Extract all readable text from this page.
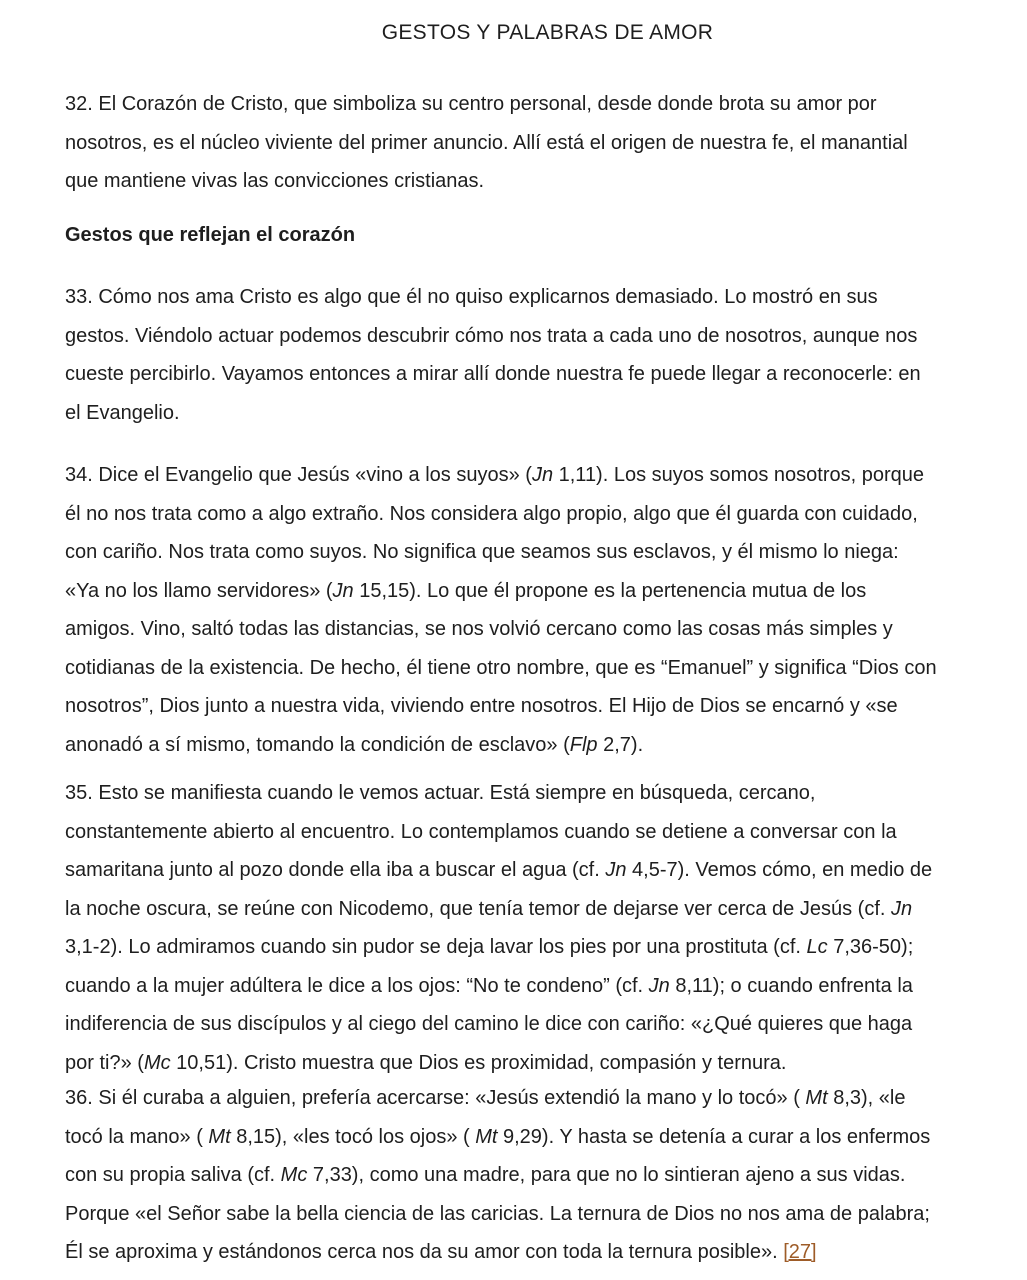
GESTOS Y PALABRAS DE AMOR
32. El Corazón de Cristo, que simboliza su centro personal, desde donde brota su amor por
nosotros, es el núcleo viviente del primer anuncio. Allí está el origen de nuestra fe, el manantial
que mantiene vivas las convicciones cristianas.
Gestos que reflejan el corazón
33. Cómo nos ama Cristo es algo que él no quiso explicarnos demasiado. Lo mostró en sus
gestos. Viéndolo actuar podemos descubrir cómo nos trata a cada uno de nosotros, aunque nos
cueste percibirlo. Vayamos entonces a mirar allí donde nuestra fe puede llegar a reconocerle: en
el Evangelio.
34. Dice el Evangelio que Jesús «vino a los suyos» (Jn 1,11). Los suyos somos nosotros, porque
él no nos trata como a algo extraño. Nos considera algo propio, algo que él guarda con cuidado,
con cariño. Nos trata como suyos. No significa que seamos sus esclavos, y él mismo lo niega:
«Ya no los llamo servidores» (Jn 15,15). Lo que él propone es la pertenencia mutua de los
amigos. Vino, saltó todas las distancias, se nos volvió cercano como las cosas más simples y
cotidianas de la existencia. De hecho, él tiene otro nombre, que es “Emanuel” y significa “Dios con
nosotros”, Dios junto a nuestra vida, viviendo entre nosotros. El Hijo de Dios se encarnó y «se
anonadó a sí mismo, tomando la condición de esclavo» (Flp 2,7).
35. Esto se manifiesta cuando le vemos actuar. Está siempre en búsqueda, cercano,
constantemente abierto al encuentro. Lo contemplamos cuando se detiene a conversar con la
samaritana junto al pozo donde ella iba a buscar el agua (cf. Jn 4,5-7). Vemos cómo, en medio de
la noche oscura, se reúne con Nicodemo, que tenía temor de dejarse ver cerca de Jesús (cf. Jn
3,1-2). Lo admiramos cuando sin pudor se deja lavar los pies por una prostituta (cf. Lc 7,36-50);
cuando a la mujer adúltera le dice a los ojos: “No te condeno” (cf. Jn 8,11); o cuando enfrenta la
indiferencia de sus discípulos y al ciego del camino le dice con cariño: «¿Qué quieres que haga
por ti?» (Mc 10,51). Cristo muestra que Dios es proximidad, compasión y ternura.
36. Si él curaba a alguien, prefería acercarse: «Jesús extendió la mano y lo tocó» ( Mt 8,3), «le
tocó la mano» ( Mt 8,15), «les tocó los ojos» ( Mt 9,29). Y hasta se detenía a curar a los enfermos
con su propia saliva (cf. Mc 7,33), como una madre, para que no lo sintieran ajeno a sus vidas.
Porque «el Señor sabe la bella ciencia de las caricias. La ternura de Dios no nos ama de palabra;
Él se aproxima y estándonos cerca nos da su amor con toda la ternura posible». [27]
